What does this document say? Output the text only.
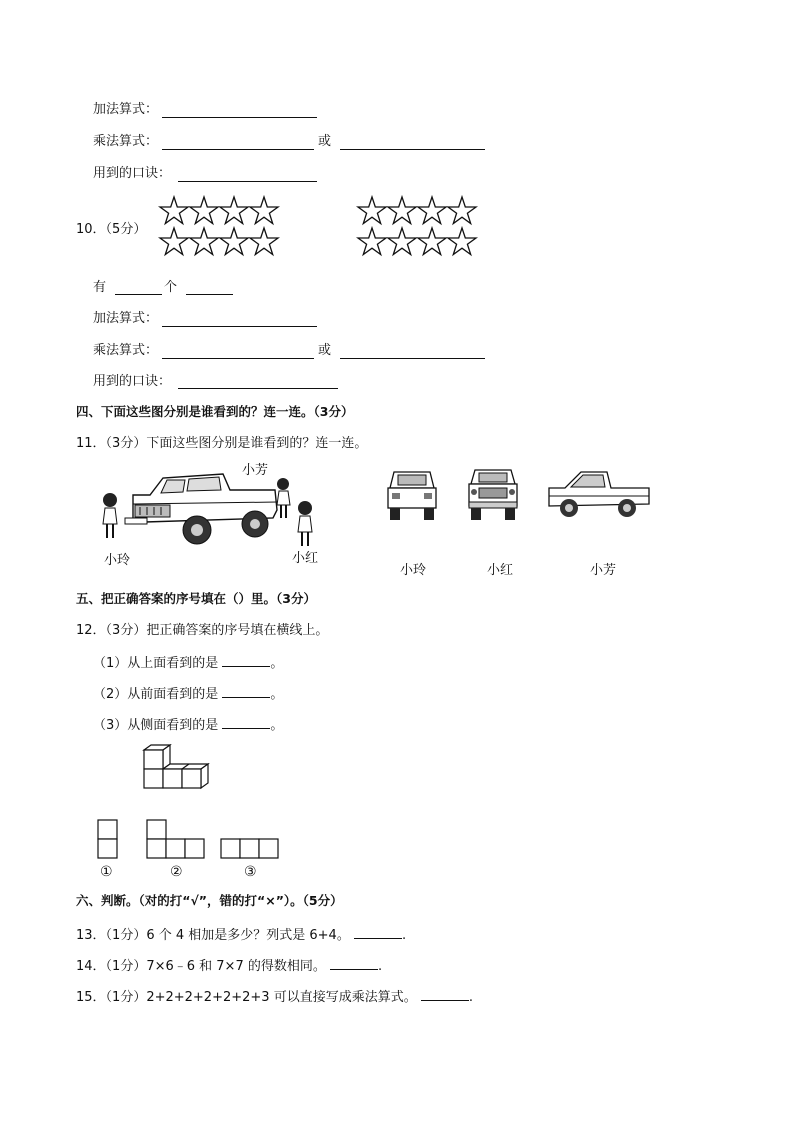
加法算式：
乘法算式：	或
用到的口诀：
10．（5分）
有	个
加法算式：
乘法算式：	或
用到的口诀：
四、下面这些图分别是谁看到的？连一连。（3分）
11．（3分）下面这些图分别是谁看到的？连一连。
小芳
小玲	小红
小玲	小红	小芳
五、把正确答案的序号填在（）里。（3分）
12．（3分）把正确答案的序号填在横线上。
（1）从上面看到的是	。
（2）从前面看到的是	。
（3）从侧面看到的是	。
①	②	③
六、判断。（对的打“√”，错的打“×”）。（5分）
13．（1分）6 个 4 相加是多少？列式是 6+4。	.
14．（1分）7×6﹣6 和 7×7 的得数相同。	.
15．（1分）2+2+2+2+2+2+3 可以直接写成乘法算式。	.
